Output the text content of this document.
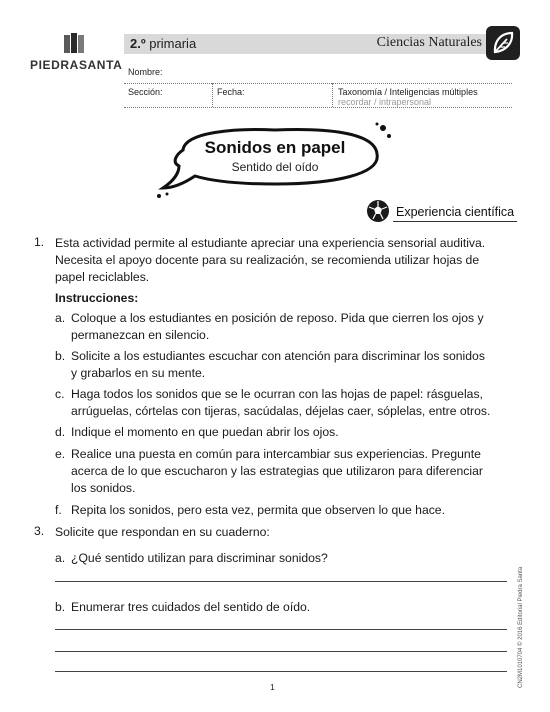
PIEDRASANTA
2.º primaria	Ciencias Naturales
Nombre:
Sección:	Fecha:	Taxonomía / Inteligencias múltiples
recordar / intrapersonal
Sonidos en papel
Sentido del oído
Experiencia científica
1. Esta actividad permite al estudiante apreciar una experiencia sensorial auditiva.
Necesita el apoyo docente para su realización, se recomienda utilizar hojas de
papel reciclables.
Instrucciones:
a. Coloque a los estudiantes en posición de reposo. Pida que cierren los ojos y
permanezcan en silencio.
b. Solicite a los estudiantes escuchar con atención para discriminar los sonidos
y grabarlos en su mente.
c. Haga todos los sonidos que se le ocurran con las hojas de papel: rásguelas,
arrúguelas, córtelas con tijeras, sacúdalas, déjelas caer, sóplelas, entre otros.
d. Indique el momento en que puedan abrir los ojos.
e. Realice una puesta en común para intercambiar sus experiencias. Pregunte
acerca de lo que escucharon y las estrategias que utilizaron para diferenciar
los sonidos.
f. Repita los sonidos, pero esta vez, permita que observen lo que hace.
3. Solicite que respondan en su cuaderno:
a. ¿Qué sentido utilizan para discriminar sonidos?
b. Enumerar tres cuidados del sentido de oído.	CN2M1010704 © 2016 Editorial Piedra Santa
1
